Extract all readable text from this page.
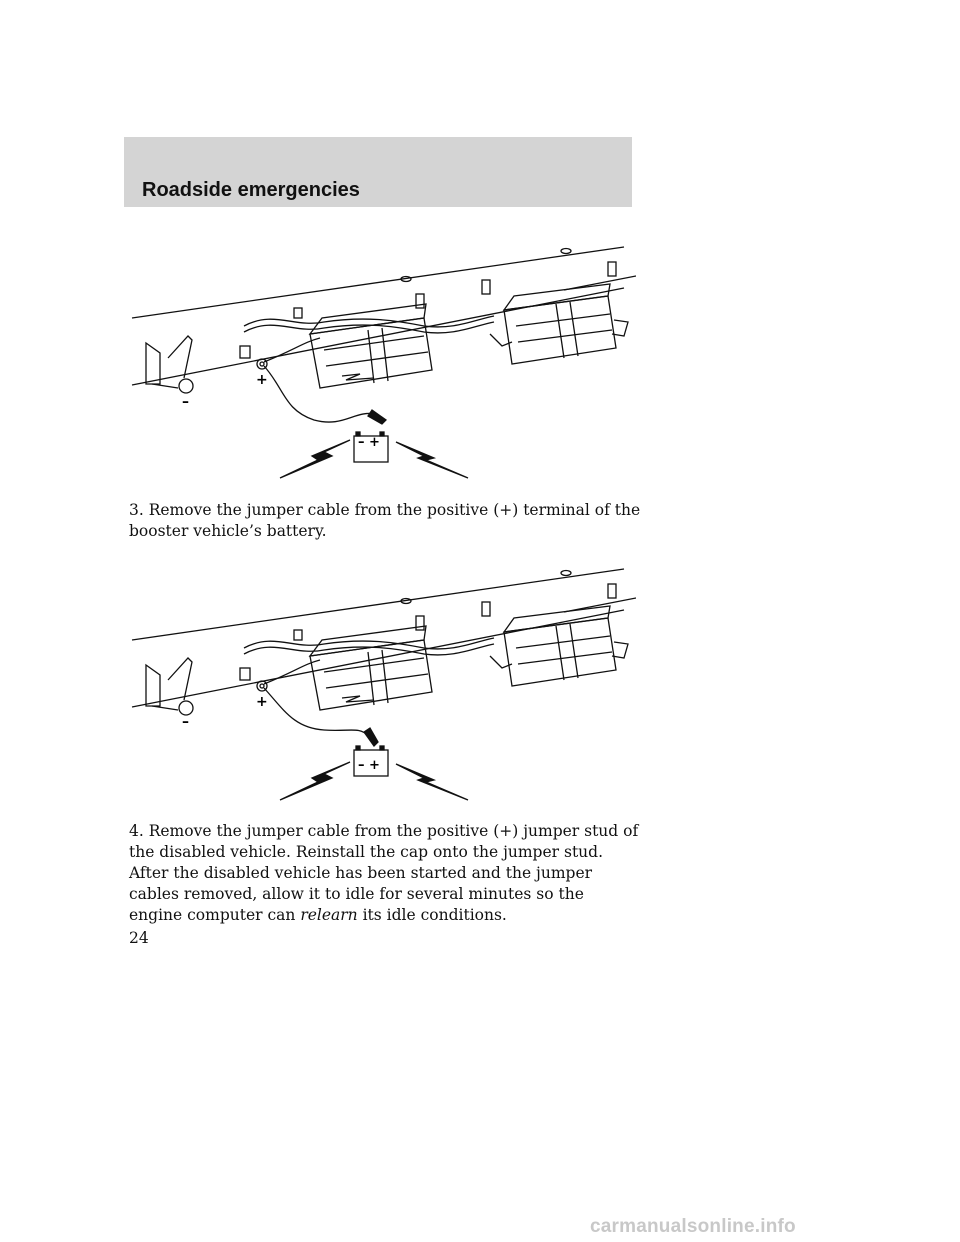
Roadside emergencies
–
+
– +

3. Remove the jumper cable from the positive (+) terminal of the booster vehicle’s battery.

–
+
– +

4. Remove the jumper cable from the positive (+) jumper stud of the disabled vehicle. Reinstall the cap onto the jumper stud.

After the disabled vehicle has been started and the jumper cables removed, allow it to idle for several minutes so the engine computer can relearn its idle conditions.

24

carmanualsonline.info
